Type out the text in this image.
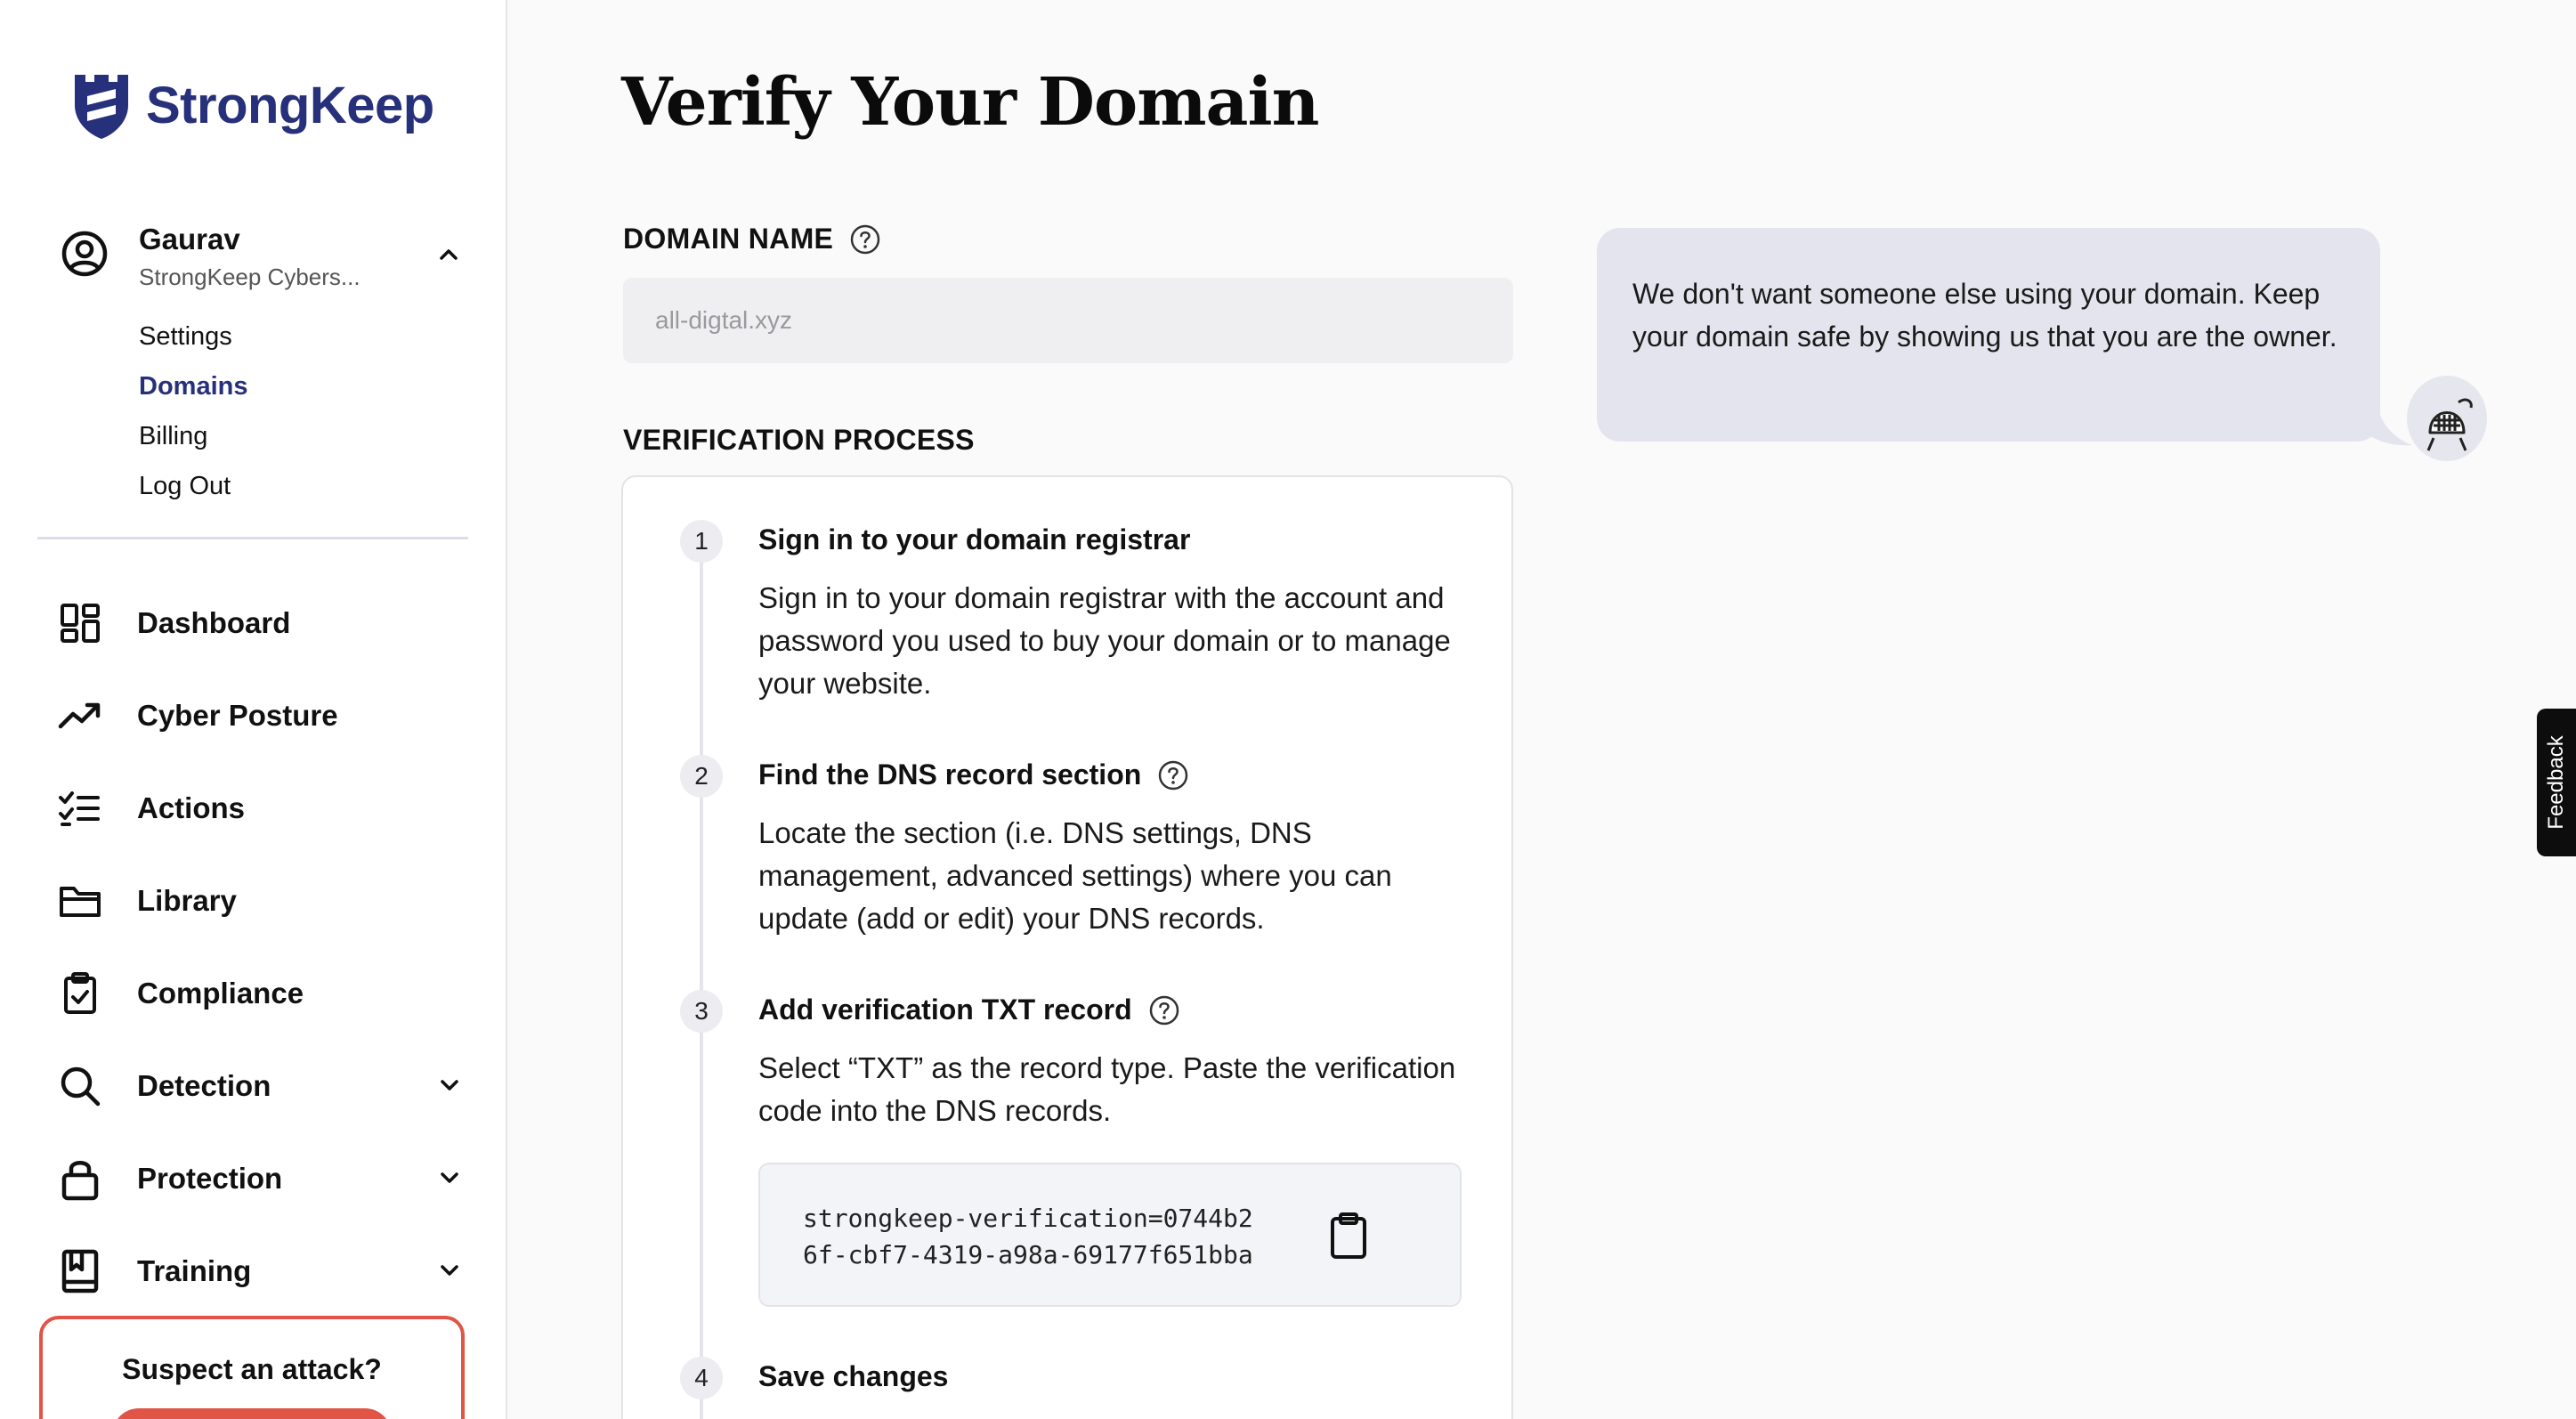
StrongKeep
Gaurav
StrongKeep Cybers...
Settings
Domains
Billing
Log Out
Dashboard
Cyber Posture
Actions
Library
Compliance
Detection
Protection
Training
Suspect an attack?
Verify Your Domain
DOMAIN NAME
all-digtal.xyz
VERIFICATION PROCESS
1	Sign in to your domain registrar
Sign in to your domain registrar with the account and password you used to buy your domain or to manage your website.
2	Find the DNS record section
Locate the section (i.e. DNS settings, DNS management, advanced settings) where you can update (add or edit) your DNS records.
3	Add verification TXT record
Select “TXT” as the record type. Paste the verification code into the DNS records.
strongkeep-verification=0744b2
6f-cbf7-4319-a98a-69177f651bba
4	Save changes
We don't want someone else using your domain. Keep your domain safe by showing us that you are the owner.
Feedback
